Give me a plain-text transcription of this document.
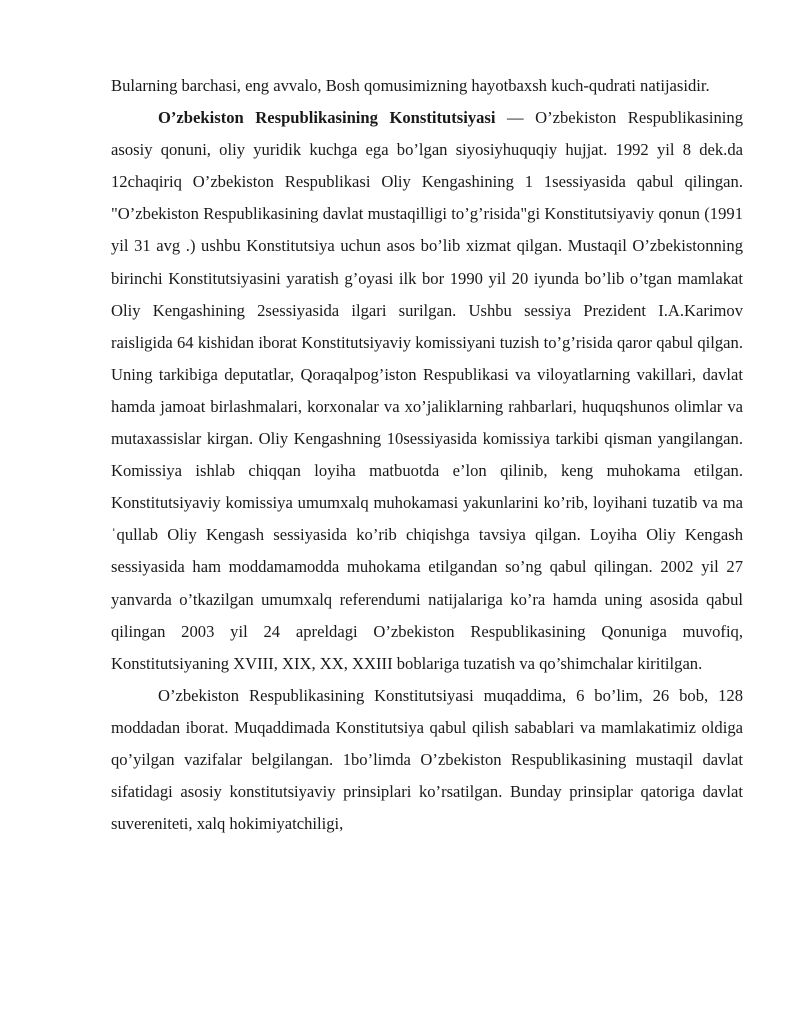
Bularning barchasi, eng avvalo, Bosh qomusimizning hayotbaxsh kuch-qudrati natijasidir.

O’zbekiston Respublikasining Konstitutsiyasi — O’zbekiston Respublikasining asosiy qonuni, oliy yuridik kuchga ega bo’lgan siyosiyhuquqiy hujjat. 1992 yil 8 dek.da 12chaqiriq O’zbekiston Respublikasi Oliy Kengashining 1 1sessiyasida qabul qilingan. "O’zbekiston Respublikasining davlat mustaqilligi to’g’risida"gi Konstitutsiyaviy qonun (1991 yil 31 avg .) ushbu Konstitutsiya uchun asos bo’lib xizmat qilgan. Mustaqil O’zbekistonning birinchi Konstitutsiyasini yaratish g’oyasi ilk bor 1990 yil 20 iyunda bo’lib o’tgan mamlakat Oliy Kengashining 2sessiyasida ilgari surilgan. Ushbu sessiya Prezident I.A.Karimov raisligida 64 kishidan iborat Konstitutsiyaviy komissiyani tuzish to’g’risida qaror qabul qilgan. Uning tarkibiga deputatlar, Qoraqalpog’iston Respublikasi va viloyatlarning vakillari, davlat hamda jamoat birlashmalari, korxonalar va xo’jaliklarning rahbarlari, huquqshunos olimlar va mutaxassislar kirgan. Oliy Kengashning 10sessiyasida komissiya tarkibi qisman yangilangan. Komissiya ishlab chiqqan loyiha matbuotda e’lon qilinib, keng muhokama etilgan. Konstitutsiyaviy komissiya umumxalq muhokamasi yakunlarini ko’rib, loyihani tuzatib va maˈqullab Oliy Kengash sessiyasida ko’rib chiqishga tavsiya qilgan. Loyiha Oliy Kengash sessiyasida ham moddamamodda muhokama etilgandan so’ng qabul qilingan. 2002 yil 27 yanvarda o’tkazilgan umumxalq referendumi natijalariga ko’ra hamda uning asosida qabul qilingan 2003 yil 24 apreldagi O’zbekiston Respublikasining Qonuniga muvofiq, Konstitutsiyaning XVIII, XIX, XX, XXIII boblariga tuzatish va qo’shimchalar kiritilgan.

O’zbekiston Respublikasining Konstitutsiyasi muqaddima, 6 bo’lim, 26 bob, 128 moddadan iborat. Muqaddimada Konstitutsiya qabul qilish sabablari va mamlakatimiz oldiga qo’yilgan vazifalar belgilangan. 1bo’limda O’zbekiston Respublikasining mustaqil davlat sifatidagi asosiy konstitutsiyaviy prinsiplari ko’rsatilgan. Bunday prinsiplar qatoriga davlat suvereniteti, xalq hokimiyatchiligi,
